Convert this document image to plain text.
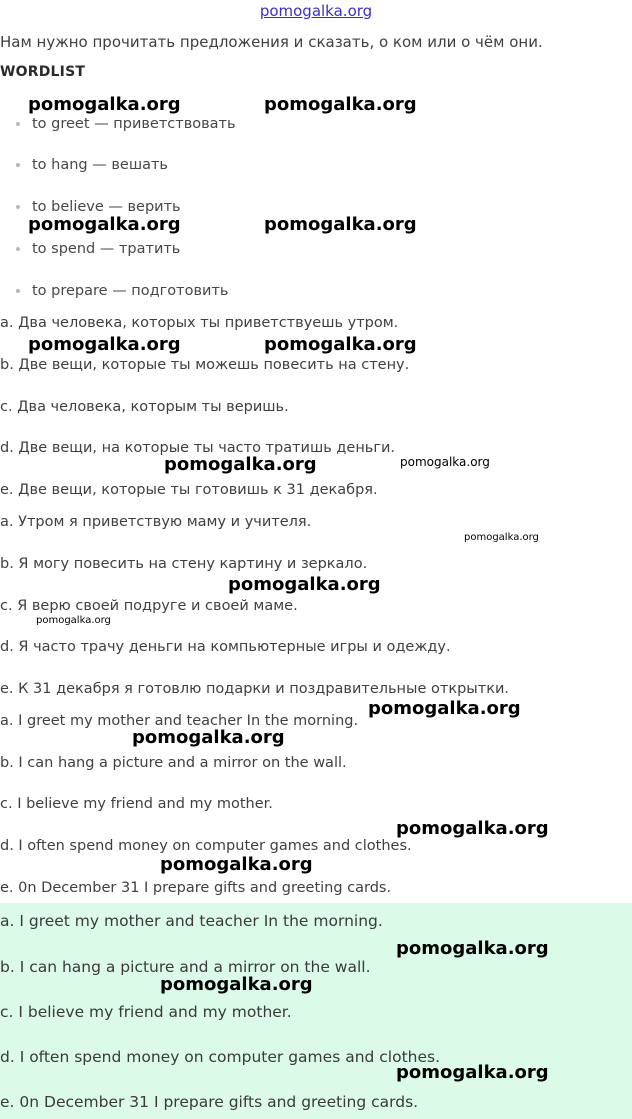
pomogalka.org
Нам нужно прочитать предложения и сказать, о ком или о чём они.
WORDLIST
to greet — приветствовать
to hang — вешать
to believe — верить
to spend — тратить
to prepare — подготовить
a. Два человека, которых ты приветствуешь утром.
b. Две вещи, которые ты можешь повесить на стену.
c. Два человека, которым ты веришь.
d. Две вещи, на которые ты часто тратишь деньги.
e. Две вещи, которые ты готовишь к 31 декабря.
a. Утром я приветствую маму и учителя.
b. Я могу повесить на стену картину и зеркало.
c. Я верю своей подруге и своей маме.
d. Я часто трачу деньги на компьютерные игры и одежду.
e. К 31 декабря я готовлю подарки и поздравительные открытки.
a. I greet my mother and teacher In the morning.
b. I can hang a picture and a mirror on the wall.
c. I believe my friend and my mother.
d. I often spend money on computer games and clothes.
e. 0n December 31 I prepare gifts and greeting cards.
a. I greet my mother and teacher In the morning.
b. I can hang a picture and a mirror on the wall.
c. I believe my friend and my mother.
d. I often spend money on computer games and clothes.
e. 0n December 31 I prepare gifts and greeting cards.
pomogalka.org	pomogalka.org
pomogalka.org	pomogalka.org
pomogalka.org	pomogalka.org
pomogalka.org	pomogalka.org
pomogalka.org
pomogalka.org
pomogalka.org
pomogalka.org
pomogalka.org
pomogalka.org
pomogalka.org
pomogalka.org
pomogalka.org
pomogalka.org
